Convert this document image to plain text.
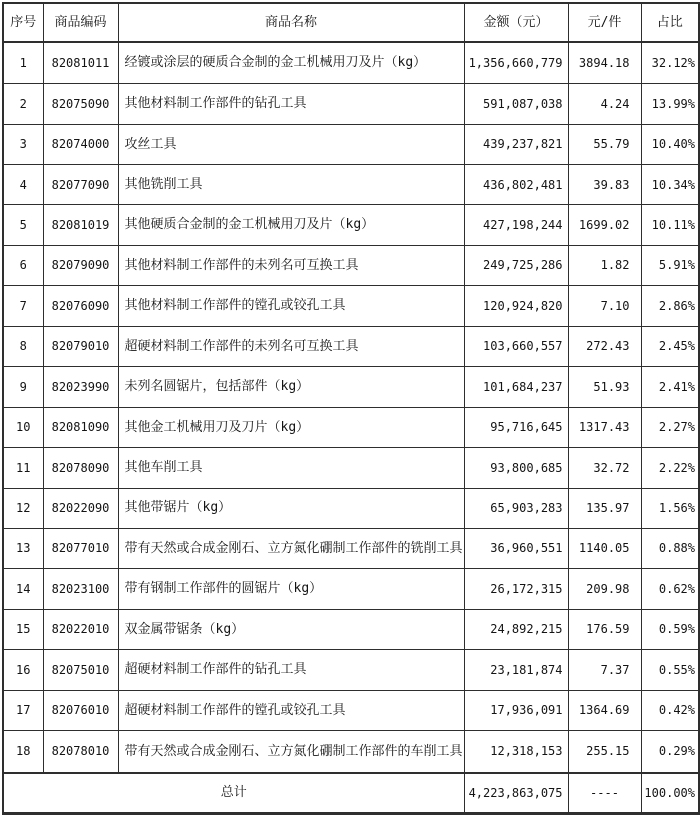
序号	商品编码	商品名称	金额（元）	元/件	占比
1	82081011	经镀或涂层的硬质合金制的金工机械用刀及片（kg）	1,356,660,779	3894.18	32.12%
2	82075090	其他材料制工作部件的钻孔工具	591,087,038	4.24	13.99%
3	82074000	攻丝工具	439,237,821	55.79	10.40%
4	82077090	其他铣削工具	436,802,481	39.83	10.34%
5	82081019	其他硬质合金制的金工机械用刀及片（kg）	427,198,244	1699.02	10.11%
6	82079090	其他材料制工作部件的未列名可互换工具	249,725,286	1.82	5.91%
7	82076090	其他材料制工作部件的镗孔或铰孔工具	120,924,820	7.10	2.86%
8	82079010	超硬材料制工作部件的未列名可互换工具	103,660,557	272.43	2.45%
9	82023990	未列名圆锯片，包括部件（kg）	101,684,237	51.93	2.41%
10	82081090	其他金工机械用刀及刀片（kg）	95,716,645	1317.43	2.27%
11	82078090	其他车削工具	93,800,685	32.72	2.22%
12	82022090	其他带锯片（kg）	65,903,283	135.97	1.56%
13	82077010	带有天然或合成金刚石、立方氮化硼制工作部件的铣削工具	36,960,551	1140.05	0.88%
14	82023100	带有钢制工作部件的圆锯片（kg）	26,172,315	209.98	0.62%
15	82022010	双金属带锯条（kg）	24,892,215	176.59	0.59%
16	82075010	超硬材料制工作部件的钻孔工具	23,181,874	7.37	0.55%
17	82076010	超硬材料制工作部件的镗孔或铰孔工具	17,936,091	1364.69	0.42%
18	82078010	带有天然或合成金刚石、立方氮化硼制工作部件的车削工具	12,318,153	255.15	0.29%
总计			4,223,863,075	----	100.00%
